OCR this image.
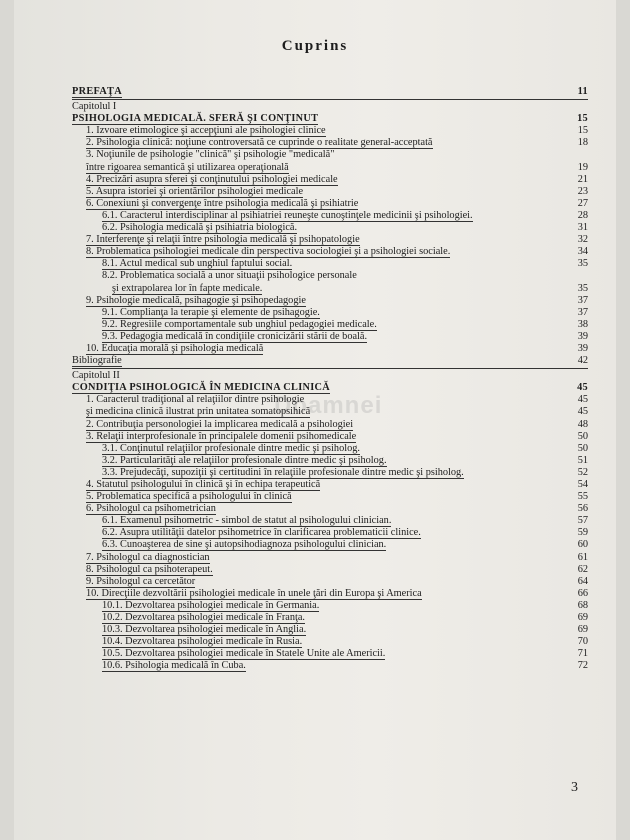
Cuprins
Doamnei
PREFAŢA	11
Capitolul I
PSIHOLOGIA MEDICALĂ. SFERĂ ŞI CONŢINUT	15
1. Izvoare etimologice şi accepţiuni ale psihologiei clinice	15
2. Psihologia clinică: noţiune controversată ce cuprinde o realitate general-acceptată	18
3. Noţiunile de psihologie "clinică" şi psihologie "medicală"
între rigoarea semantică şi utilizarea operaţională	19
4. Precizări asupra sferei şi conţinutului psihologiei medicale	21
5. Asupra istoriei şi orientărilor psihologiei medicale	23
6. Conexiuni şi convergenţe între psihologia medicală şi psihiatrie	27
6.1. Caracterul interdisciplinar al psihiatriei reuneşte cunoştinţele medicinii şi psihologiei.	28
6.2. Psihologia medicală şi psihiatria biologică.	31
7. Interferenţe şi relaţii între psihologia medicală şi psihopatologie	32
8. Problematica psihologiei medicale din perspectiva sociologiei şi a psihologiei sociale.	34
8.1. Actul medical sub unghiul faptului social.	35
8.2. Problematica socială a unor situaţii psihologice personale
şi extrapolarea lor în fapte medicale.	35
9. Psihologie medicală, psihagogie şi psihopedagogie	37
9.1. Complianţa la terapie şi elemente de psihagogie.	37
9.2. Regresiile comportamentale sub unghiul pedagogiei medicale.	38
9.3. Pedagogia medicală în condiţiile cronicizării stării de boală.	39
10. Educaţia morală şi psihologia medicală	39
Bibliografie	42
Capitolul II
CONDIŢIA PSIHOLOGICĂ ÎN MEDICINA CLINICĂ	45
1. Caracterul tradiţional al relaţiilor dintre psihologie	45
şi medicina clinică ilustrat prin unitatea somatopsihică	45
2. Contribuţia personologiei la implicarea medicală a psihologiei	48
3. Relaţii interprofesionale în principalele domenii psihomedicale	50
3.1. Conţinutul relaţiilor profesionale dintre medic şi psiholog.	50
3.2. Particularităţi ale relaţiilor profesionale dintre medic şi psiholog.	51
3.3. Prejudecăţi, supoziţii şi certitudini în relaţiile profesionale dintre medic şi psiholog.	52
4. Statutul psihologului în clinică şi în echipa terapeutică	54
5. Problematica specifică a psihologului în clinică	55
6. Psihologul ca psihometrician	56
6.1. Examenul psihometric - simbol de statut al psihologului clinician.	57
6.2. Asupra utilităţii datelor psihometrice în clarificarea problematicii clinice.	59
6.3. Cunoaşterea de sine şi autopsihodiagnoza psihologului clinician.	60
7. Psihologul ca diagnostician	61
8. Psihologul ca psihoterapeut.	62
9. Psihologul ca cercetător	64
10. Direcţiile dezvoltării psihologiei medicale în unele ţări din Europa şi America	66
10.1. Dezvoltarea psihologiei medicale în Germania.	68
10.2. Dezvoltarea psihologiei medicale în Franţa.	69
10.3. Dezvoltarea psihologiei medicale în Anglia.	69
10.4. Dezvoltarea psihologiei medicale în Rusia.	70
10.5. Dezvoltarea psihologiei medicale în Statele Unite ale Americii.	71
10.6. Psihologia medicală în Cuba.	72
3
